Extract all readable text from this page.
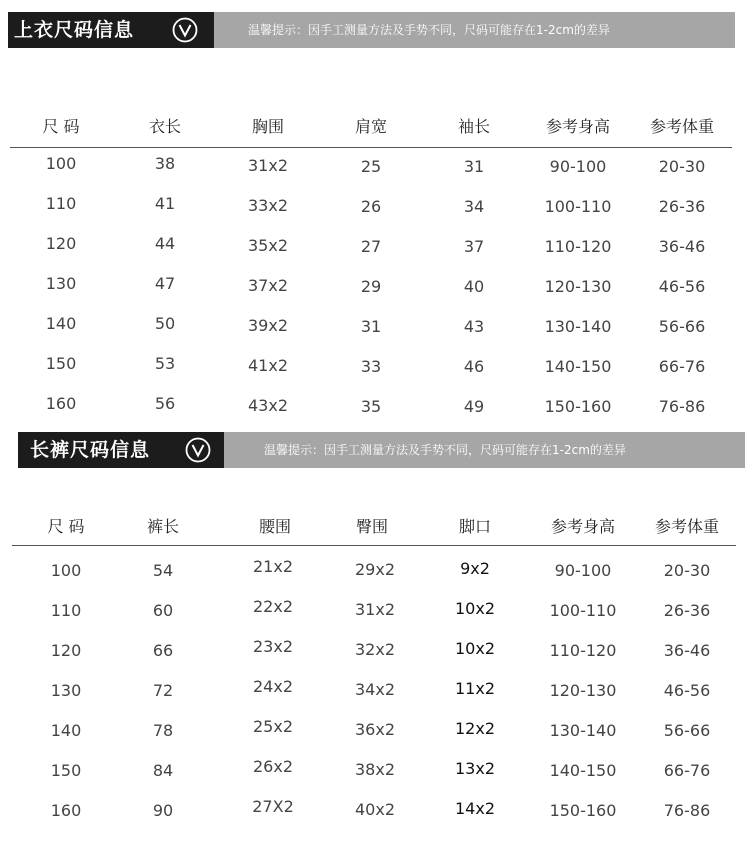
上衣尺码信息	温馨提示：因手工测量方法及手势不同，尺码可能存在1-2cm的差异
尺 码	衣长	胸围	肩宽	袖长	参考身高	参考体重
100	38	31x2	25	31	90-100	20-30
110	41	33x2	26	34	100-110	26-36
120	44	35x2	27	37	110-120	36-46
130	47	37x2	29	40	120-130	46-56
140	50	39x2	31	43	130-140	56-66
150	53	41x2	33	46	140-150	66-76
160	56	43x2	35	49	150-160	76-86
长裤尺码信息	温馨提示：因手工测量方法及手势不同，尺码可能存在1-2cm的差异
尺 码	裤长	腰围	臀围	脚口	参考身高	参考体重
100	54	21x2	29x2	9x2	90-100	20-30
110	60	22x2	31x2	10x2	100-110	26-36
120	66	23x2	32x2	10x2	110-120	36-46
130	72	24x2	34x2	11x2	120-130	46-56
140	78	25x2	36x2	12x2	130-140	56-66
150	84	26x2	38x2	13x2	140-150	66-76
160	90	27X2	40x2	14x2	150-160	76-86
